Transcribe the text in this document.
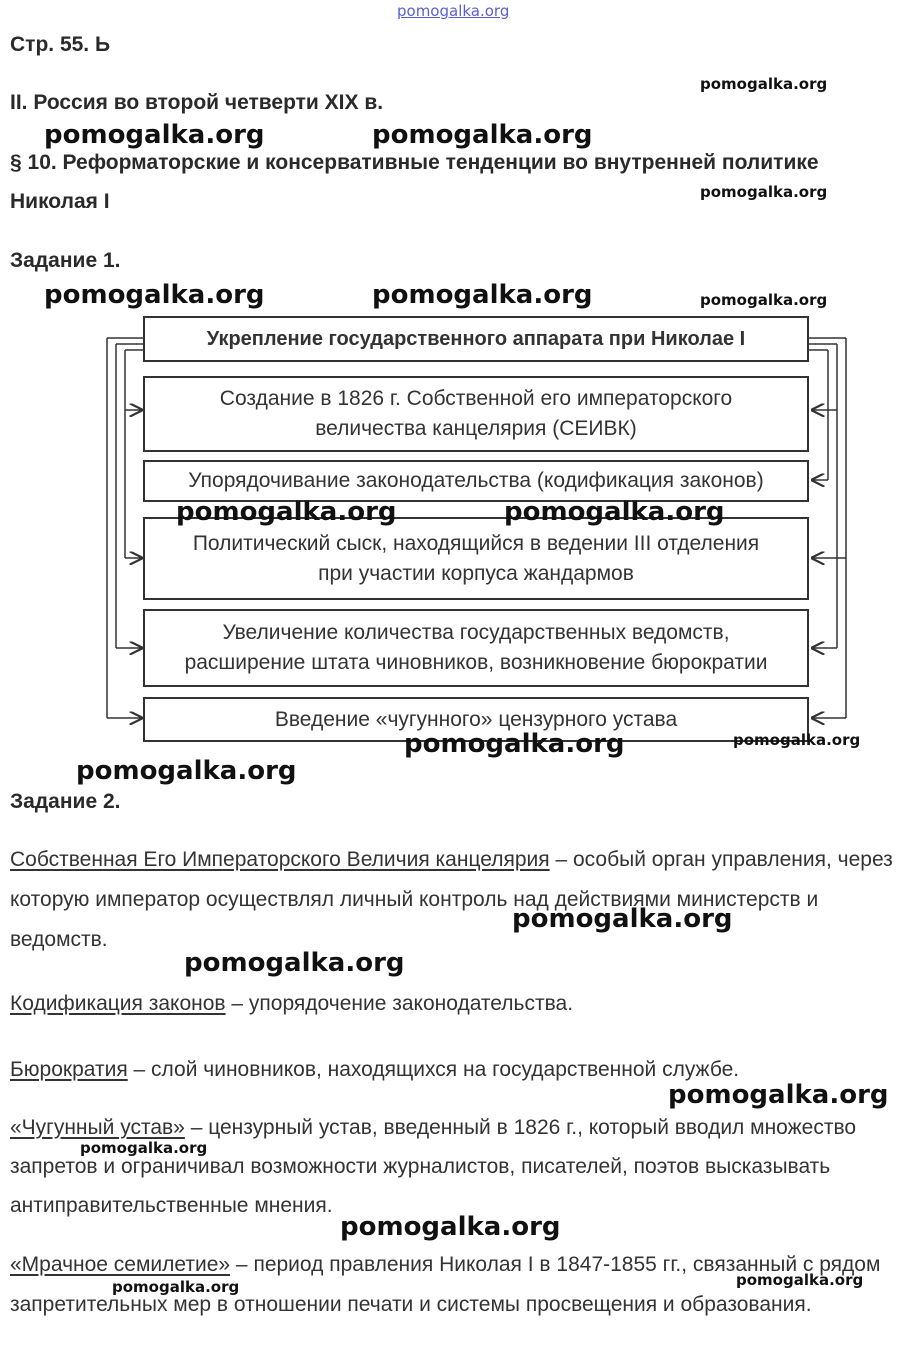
pomogalka.org
Стр. 55. Ь
II. Россия во второй четверти XIX в.
§ 10. Реформаторские и консервативные тенденции во внутренней политике
Николая I
Задание 1.
Укрепление государственного аппарата при Николае I
Создание в 1826 г. Собственной его императорского
величества канцелярия (СЕИВК)
Упорядочивание законодательства (кодификация законов)
Политический сыск, находящийся в ведении III отделения
при участии корпуса жандармов
Увеличение количества государственных ведомств,
расширение штата чиновников, возникновение бюрократии
Введение «чугунного» цензурного устава
Задание 2.
Собственная Его Императорского Величия канцелярия – особый орган управления, через которую император осуществлял личный контроль над действиями министерств и ведомств.
Кодификация законов – упорядочение законодательства.
Бюрократия – слой чиновников, находящихся на государственной службе.
«Чугунный устав» – цензурный устав, введенный в 1826 г., который вводил множество запретов и ограничивал возможности журналистов, писателей, поэтов высказывать антиправительственные мнения.
«Мрачное семилетие» – период правления Николая I в 1847-1855 гг., связанный с рядом запретительных мер в отношении печати и системы просвещения и образования.
pomogalka.org
pomogalka.org	pomogalka.org
pomogalka.org
pomogalka.org	pomogalka.org	pomogalka.org
pomogalka.org	pomogalka.org
pomogalka.org
pomogalka.org
pomogalka.org
pomogalka.org
pomogalka.org
pomogalka.org
pomogalka.org
pomogalka.org
pomogalka.org
pomogalka.org
